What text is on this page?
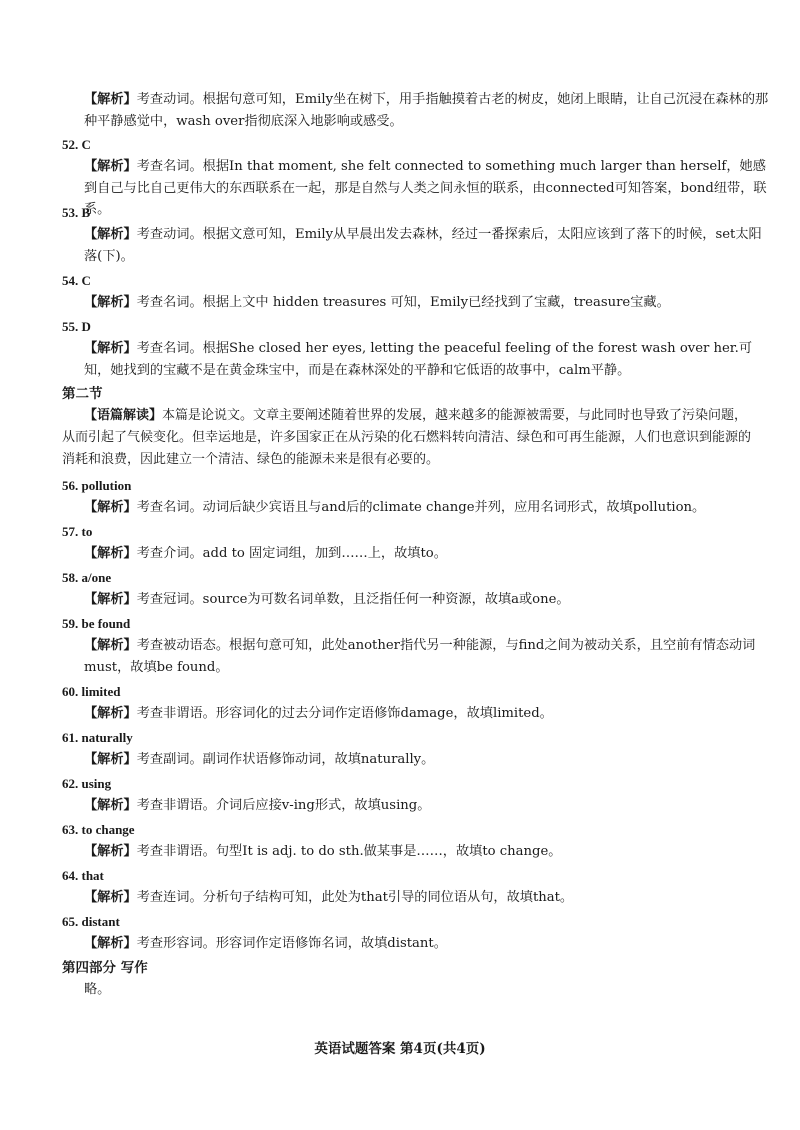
【解析】考查动词。根据句意可知，Emily坐在树下，用手指触摸着古老的树皮，她闭上眼睛，让自己沉浸在森林的那种平静感觉中，wash over指彻底深入地影响或感受。
52. C
【解析】考查名词。根据In that moment, she felt connected to something much larger than herself，她感到自己与比自己更伟大的东西联系在一起，那是自然与人类之间永恒的联系，由connected可知答案，bond纽带，联系。
53. B
【解析】考查动词。根据文意可知，Emily从早晨出发去森林，经过一番探索后，太阳应该到了落下的时候，set太阳落(下)。
54. C
【解析】考查名词。根据上文中 hidden treasures 可知，Emily已经找到了宝藏，treasure宝藏。
55. D
【解析】考查名词。根据She closed her eyes, letting the peaceful feeling of the forest wash over her.可知，她找到的宝藏不是在黄金珠宝中，而是在森林深处的平静和它低语的故事中，calm平静。
第二节
【语篇解读】本篇是论说文。文章主要阐述随着世界的发展，越来越多的能源被需要，与此同时也导致了污染问题，从而引起了气候变化。但幸运地是，许多国家正在从污染的化石燃料转向清洁、绿色和可再生能源，人们也意识到能源的消耗和浪费，因此建立一个清洁、绿色的能源未来是很有必要的。
56. pollution
【解析】考查名词。动词后缺少宾语且与and后的climate change并列，应用名词形式，故填pollution。
57. to
【解析】考查介词。add to 固定词组，加到……上，故填to。
58. a/one
【解析】考查冠词。source为可数名词单数，且泛指任何一种资源，故填a或one。
59. be found
【解析】考查被动语态。根据句意可知，此处another指代另一种能源，与find之间为被动关系，且空前有情态动词must，故填be found。
60. limited
【解析】考查非谓语。形容词化的过去分词作定语修饰damage，故填limited。
61. naturally
【解析】考查副词。副词作状语修饰动词，故填naturally。
62. using
【解析】考查非谓语。介词后应接v-ing形式，故填using。
63. to change
【解析】考查非谓语。句型It is adj. to do sth.做某事是……，故填to change。
64. that
【解析】考查连词。分析句子结构可知，此处为that引导的同位语从句，故填that。
65. distant
【解析】考查形容词。形容词作定语修饰名词，故填distant。
第四部分 写作
略。
英语试题答案 第4页(共4页)
